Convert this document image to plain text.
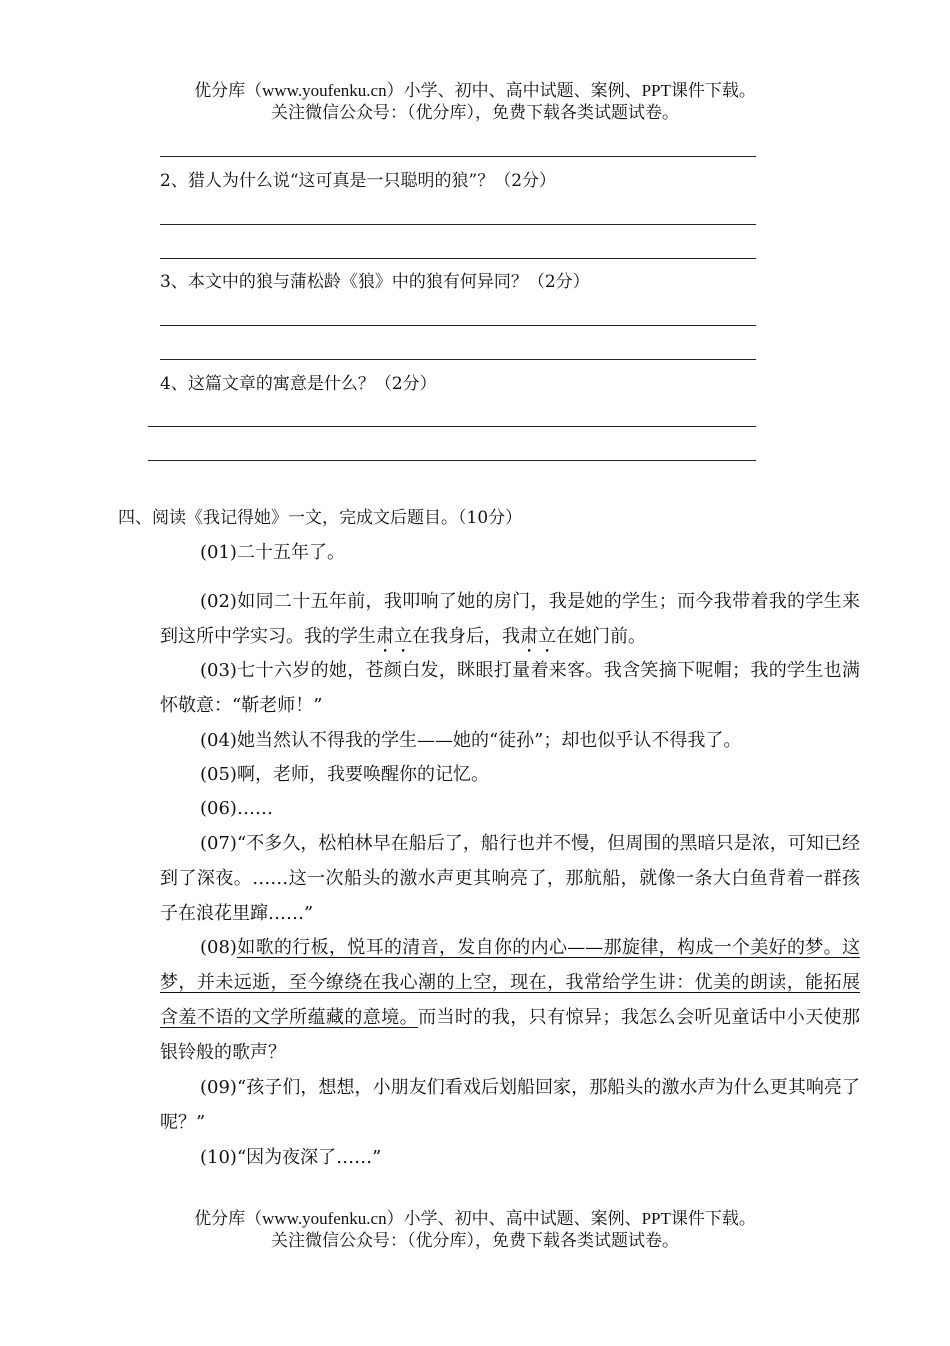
优分库（www.youfenku.cn）小学、初中、高中试题、案例、PPT课件下载。
关注微信公众号：（优分库），免费下载各类试题试卷。
2、猎人为什么说“这可真是一只聪明的狼”？（2分）
3、本文中的狼与蒲松龄《狼》中的狼有何异同？（2分）
4、这篇文章的寓意是什么？（2分）
四、阅读《我记得她》一文，完成文后题目。（10分）
(01)二十五年了。
(02)如同二十五年前，我叩响了她的房门，我是她的学生；而今我带着我的学生来到这所中学实习。我的学生肃立在我身后，我肃立在她门前。
(03)七十六岁的她，苍颜白发，眯眼打量着来客。我含笑摘下呢帽；我的学生也满怀敬意：“靳老师！”
(04)她当然认不得我的学生——她的“徒孙”；却也似乎认不得我了。
(05)啊，老师，我要唤醒你的记忆。
(06)……
(07)“不多久，松柏林早在船后了，船行也并不慢，但周围的黑暗只是浓，可知已经到了深夜。……这一次船头的激水声更其响亮了，那航船，就像一条大白鱼背着一群孩子在浪花里蹿……”
(08)如歌的行板，悦耳的清音，发自你的内心——那旋律，构成一个美好的梦。这梦，并未远逝，至今缭绕在我心潮的上空，现在，我常给学生讲：优美的朗读，能拓展含羞不语的文学所蕴藏的意境。而当时的我，只有惊异；我怎么会听见童话中小天使那银铃般的歌声？
(09)“孩子们，想想，小朋友们看戏后划船回家，那船头的激水声为什么更其响亮了呢？”
(10)“因为夜深了……”
优分库（www.youfenku.cn）小学、初中、高中试题、案例、PPT课件下载。
关注微信公众号：（优分库），免费下载各类试题试卷。
